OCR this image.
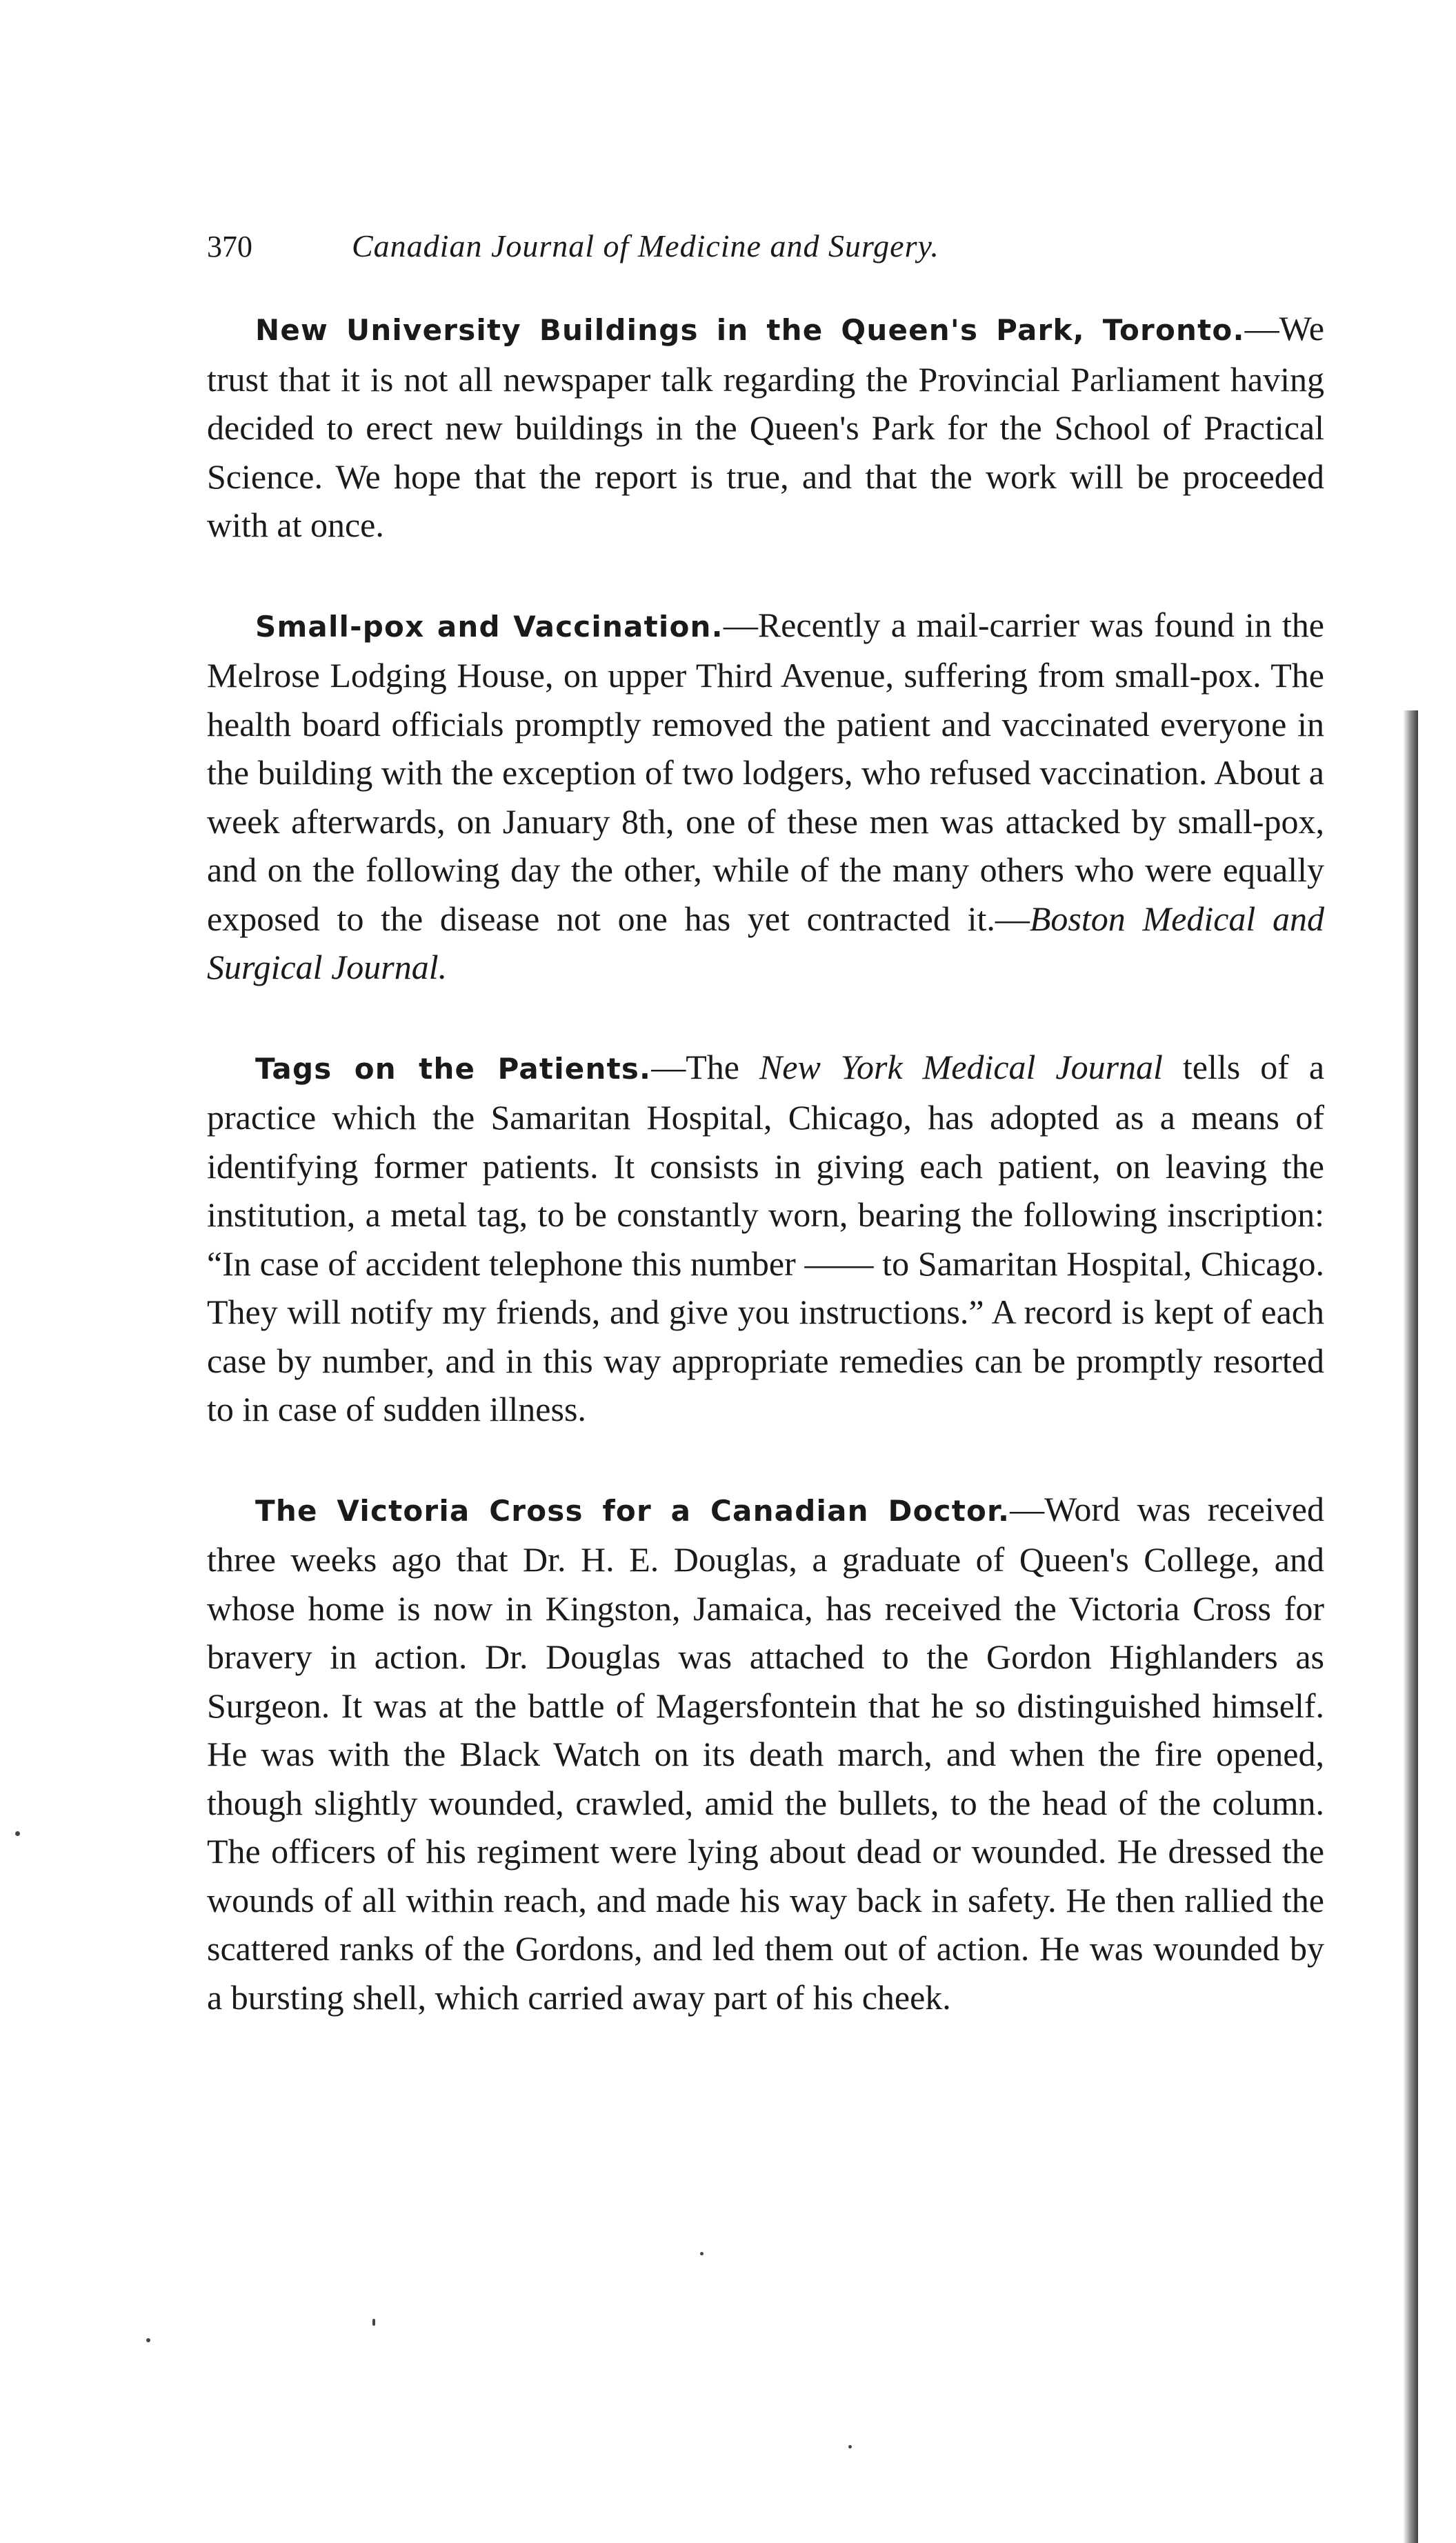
370	Canadian Journal of Medicine and Surgery.

New University Buildings in the Queen's Park, Toronto.—We trust that it is not all newspaper talk regarding the Provincial Parliament having decided to erect new buildings in the Queen's Park for the School of Practical Science. We hope that the report is true, and that the work will be proceeded with at once.

Small-pox and Vaccination.—Recently a mail-carrier was found in the Melrose Lodging House, on upper Third Avenue, suffering from small-pox. The health board officials promptly removed the patient and vaccinated everyone in the building with the exception of two lodgers, who refused vaccination. About a week afterwards, on January 8th, one of these men was attacked by small-pox, and on the following day the other, while of the many others who were equally exposed to the disease not one has yet contracted it.—Boston Medical and Surgical Journal.

Tags on the Patients.—The New York Medical Journal tells of a practice which the Samaritan Hospital, Chicago, has adopted as a means of identifying former patients. It consists in giving each patient, on leaving the institution, a metal tag, to be constantly worn, bearing the following inscription: “In case of accident telephone this number —— to Samaritan Hospital, Chicago. They will notify my friends, and give you instructions.” A record is kept of each case by number, and in this way appropriate remedies can be promptly resorted to in case of sudden illness.

The Victoria Cross for a Canadian Doctor.—Word was received three weeks ago that Dr. H. E. Douglas, a graduate of Queen's College, and whose home is now in Kingston, Jamaica, has received the Victoria Cross for bravery in action. Dr. Douglas was attached to the Gordon Highlanders as Surgeon. It was at the battle of Magersfontein that he so distinguished himself. He was with the Black Watch on its death march, and when the fire opened, though slightly wounded, crawled, amid the bullets, to the head of the column. The officers of his regiment were lying about dead or wounded. He dressed the wounds of all within reach, and made his way back in safety. He then rallied the scattered ranks of the Gordons, and led them out of action. He was wounded by a bursting shell, which carried away part of his cheek.
